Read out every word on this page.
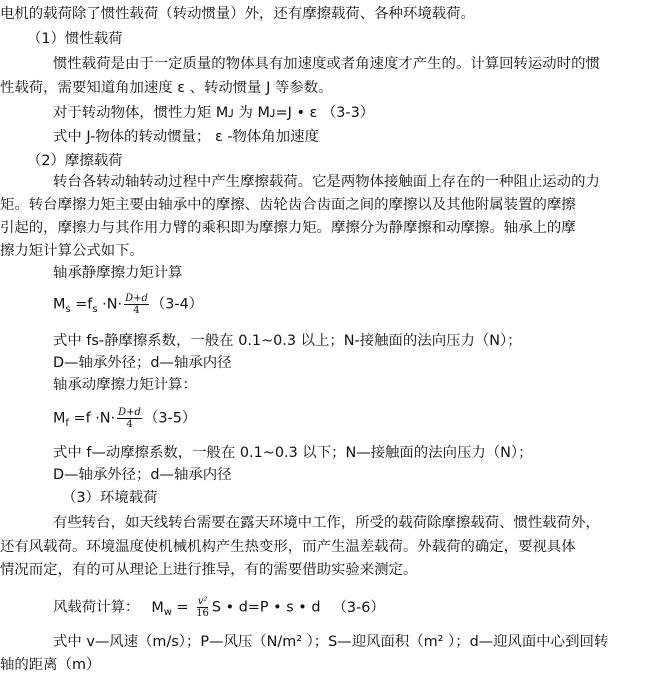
电机的载荷除了惯性载荷（转动惯量）外，还有摩擦载荷、各种环境载荷。
（1）惯性载荷
惯性载荷是由于一定质量的物体具有加速度或者角速度才产生的。计算回转运动时的惯
性载荷，需要知道角加速度 ε 、转动惯量 J 等参数。
对于转动物体，惯性力矩 Mᴊ 为 Mᴊ=J • ε （3-3）
式中 J-物体的转动惯量； ε -物体角加速度
（2）摩擦载荷
转台各转动轴转动过程中产生摩擦载荷。它是两物体接触面上存在的一种阻止运动的力
矩。转台摩擦力矩主要由轴承中的摩擦、齿轮齿合齿面之间的摩擦以及其他附属装置的摩擦
引起的，摩擦力与其作用力臂的乘积即为摩擦力矩。摩擦分为静摩擦和动摩擦。轴承上的摩
擦力矩计算公式如下。
轴承静摩擦力矩计算
$M_s =f_s \cdot N\cdot \frac{D+d}{4} (3-4)$
式中 fs-静摩擦系数，一般在 0.1~0.3 以上；N-接触面的法向压力（N）；
D—轴承外径；d—轴承内径
轴承动摩擦力矩计算：
$M_f =f \cdot N\cdot \frac{D+d}{4} (3-5)$
式中 f—动摩擦系数，一般在 0.1~0.3 以下；N—接触面的法向压力（N）；
D—轴承外径；d—轴承内径
（3）环境载荷
有些转台，如天线转台需要在露天环境中工作，所受的载荷除摩擦载荷、惯性载荷外，
还有风载荷。环境温度使机械机构产生热变形，而产生温差载荷。外载荷的确定，要视具体
情况而定，有的可从理论上进行推导，有的需要借助实验来测定。
风载荷计算： $M_w = \frac{\text{v²}}{16}$ S • d=P • s • d （3-6）
式中 v—风速（m/s）；P—风压（N/m² ）；S—迎风面积（m² ）；d—迎风面中心到回转
轴的距离（m）
